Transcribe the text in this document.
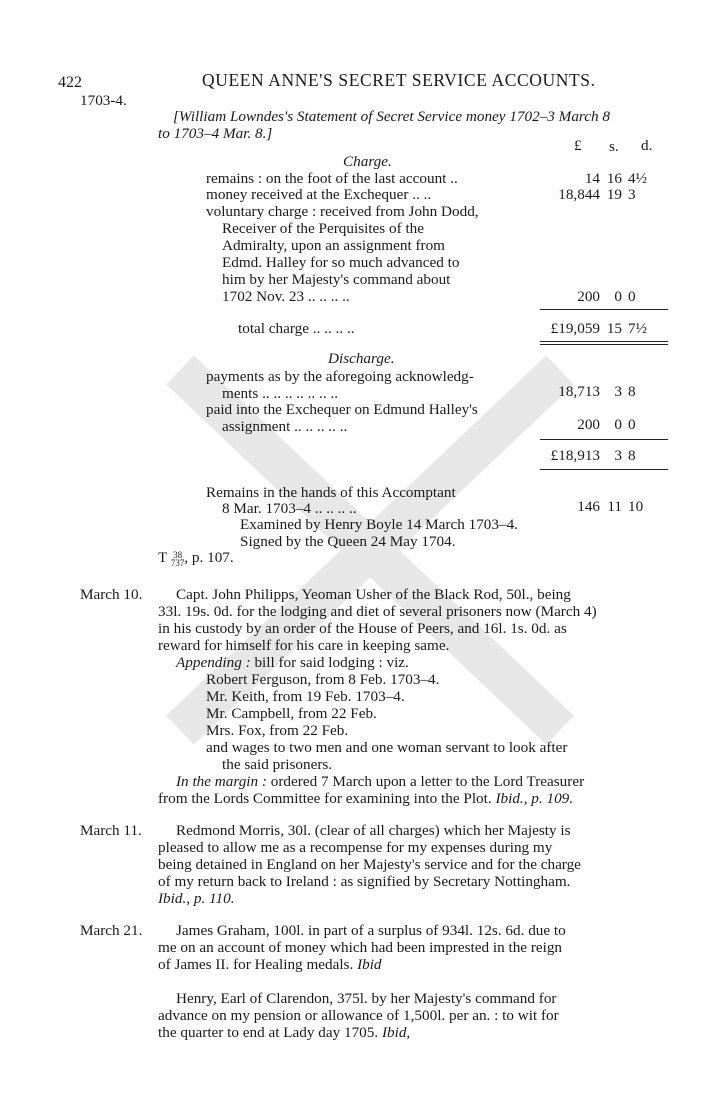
422	QUEEN ANNE'S SECRET SERVICE ACCOUNTS.
1703-4.
[William Lowndes's Statement of Secret Service money 1702–3 March 8
to 1703–4 Mar. 8.]
£ s. d.
Charge.
remains : on the foot of the last account ..	14 16 4½
money received at the Exchequer .. ..	18,844 19 3
voluntary charge : received from John Dodd,
Receiver of the Perquisites of the
Admiralty, upon an assignment from
Edmd. Halley for so much advanced to
him by her Majesty's command about
1702 Nov. 23 .. .. .. ..	200 0 0
total charge .. .. .. ..	£19,059 15 7½
Discharge.
payments as by the aforegoing acknowledg-
ments .. .. .. .. .. .. ..	18,713 3 8
paid into the Exchequer on Edmund Halley's
assignment .. .. .. .. ..	200 0 0
£18,913 3 8
Remains in the hands of this Accomptant
8 Mar. 1703–4 .. .. .. ..	146 11 10
Examined by Henry Boyle 14 March 1703–4.
Signed by the Queen 24 May 1704.
T 38
737, p. 107.
March 10. Capt. John Philipps, Yeoman Usher of the Black Rod, 50l., being
33l. 19s. 0d. for the lodging and diet of several prisoners now (March 4)
in his custody by an order of the House of Peers, and 16l. 1s. 0d. as
reward for himself for his care in keeping same.
Appending : bill for said lodging : viz.
Robert Ferguson, from 8 Feb. 1703–4.
Mr. Keith, from 19 Feb. 1703–4.
Mr. Campbell, from 22 Feb.
Mrs. Fox, from 22 Feb.
and wages to two men and one woman servant to look after
the said prisoners.
In the margin : ordered 7 March upon a letter to the Lord Treasurer
from the Lords Committee for examining into the Plot. Ibid., p. 109.
March 11. Redmond Morris, 30l. (clear of all charges) which her Majesty is
pleased to allow me as a recompense for my expenses during my
being detained in England on her Majesty's service and for the charge
of my return back to Ireland : as signified by Secretary Nottingham.
Ibid., p. 110.
March 21. James Graham, 100l. in part of a surplus of 934l. 12s. 6d. due to
me on an account of money which had been imprested in the reign
of James II. for Healing medals. Ibid
Henry, Earl of Clarendon, 375l. by her Majesty's command for
advance on my pension or allowance of 1,500l. per an. : to wit for
the quarter to end at Lady day 1705. Ibid,
